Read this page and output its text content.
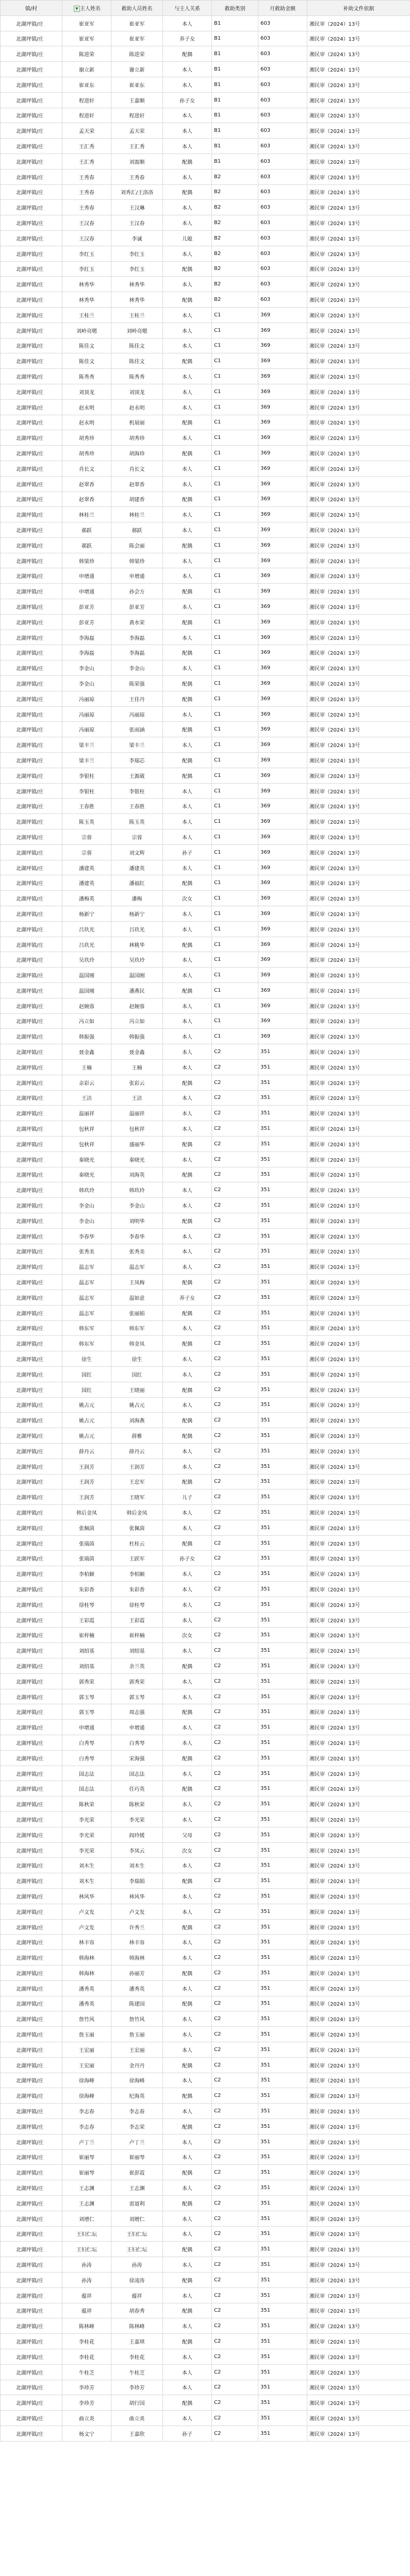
镇/村	▼ 主人姓名	救助人员姓名	与主人关系	救助类别	月救助金额	补助文件依据
北湖坪镇/庄	崔亚军	崔亚军	本人	B1	603	湘民审（2024）13号
北湖坪镇/庄	崔亚军	崔亚军	养子女	B1	603	湘民审（2024）13号
北湖坪镇/庄	陈进荣	陈进荣	配偶	B1	603	湘民审（2024）13号
北湖坪镇/庄	谢立新	谢立新	本人	B1	603	湘民审（2024）13号
北湖坪镇/庄	崔亚东	崔亚东	本人	B1	603	湘民审（2024）13号
北湖坪镇/庄	程进轩	王嘉顺	孙子女	B1	603	湘民审（2024）13号
北湖坪镇/庄	程进轩	程进轩	本人	B1	603	湘民审（2024）13号
北湖坪镇/庄	孟天荣	孟天荣	本人	B1	603	湘民审（2024）13号
北湖坪镇/庄	王汇秀	王汇秀	本人	B1	603	湘民审（2024）13号
北湖坪镇/庄	王汇秀	刘盈顺	配偶	B1	603	湘民审（2024）13号
北湖坪镇/庄	王秀春	王秀春	本人	B2	603	湘民审（2024）13号
北湖坪镇/庄	王秀春	刘秀汇/王洛洛	配偶	B2	603	湘民审（2024）13号
北湖坪镇/庄	王秀春	王汉琳	本人	B2	603	湘民审（2024）13号
北湖坪镇/庄	王汉春	王汉春	本人	B2	603	湘民审（2024）13号
北湖坪镇/庄	王汉春	李诚	儿媳	B2	603	湘民审（2024）13号
北湖坪镇/庄	李红玉	李红玉	本人	B2	603	湘民审（2024）13号
北湖坪镇/庄	李红玉	李红玉	配偶	B2	603	湘民审（2024）13号
北湖坪镇/庄	林秀华	林秀华	本人	B2	603	湘民审（2024）13号
北湖坪镇/庄	林秀华	林秀华	配偶	B2	603	湘民审（2024）13号
北湖坪镇/庄	王桂兰	王桂兰	本人	C1	369	湘民审（2024）13号
北湖坪镇/庄	刘岭亮嗯	刘岭亮嗯	本人	C1	369	湘民审（2024）13号
北湖坪镇/庄	陈佳文	陈佳文	本人	C1	369	湘民审（2024）13号
北湖坪镇/庄	陈佳文	陈佳文	配偶	C1	369	湘民审（2024）13号
北湖坪镇/庄	陈秀秀	陈秀秀	本人	C1	369	湘民审（2024）13号
北湖坪镇/庄	刘顶龙	刘顶龙	本人	C1	369	湘民审（2024）13号
北湖坪镇/庄	赵永明	赵永明	本人	C1	369	湘民审（2024）13号
北湖坪镇/庄	赵永明	机展丽	配偶	C1	369	湘民审（2024）13号
北湖坪镇/庄	胡秀珍	胡秀珍	本人	C1	369	湘民审（2024）13号
北湖坪镇/庄	胡秀珍	胡海珍	配偶	C1	369	湘民审（2024）13号
北湖坪镇/庄	肖长文	肖长文	本人	C1	369	湘民审（2024）13号
北湖坪镇/庄	赵翠香	赵翠香	本人	C1	369	湘民审（2024）13号
北湖坪镇/庄	赵翠香	胡建香	配偶	C1	369	湘民审（2024）13号
北湖坪镇/庄	林桂兰	林桂兰	本人	C1	369	湘民审（2024）13号
北湖坪镇/庄	郝跃	郝跃	本人	C1	369	湘民审（2024）13号
北湖坪镇/庄	郝跃	陈会丽	配偶	C1	369	湘民审（2024）13号
北湖坪镇/庄	韩梁珍	韩梁珍	本人	C1	369	湘民审（2024）13号
北湖坪镇/庄	申增通	申增通	本人	C1	369	湘民审（2024）13号
北湖坪镇/庄	申增通	孙会方	配偶	C1	369	湘民审（2024）13号
北湖坪镇/庄	彭亚芳	彭亚芳	本人	C1	369	湘民审（2024）13号
北湖坪镇/庄	彭亚芳	黄水荣	配偶	C1	369	湘民审（2024）13号
北湖坪镇/庄	李海磊	李海磊	本人	C1	369	湘民审（2024）13号
北湖坪镇/庄	李海磊	李海磊	配偶	C1	369	湘民审（2024）13号
北湖坪镇/庄	李金山	李金山	本人	C1	369	湘民审（2024）13号
北湖坪镇/庄	李金山	陈荣强	配偶	C1	369	湘民审（2024）13号
北湖坪镇/庄	冯丽琼	王佳丹	配偶	C1	369	湘民审（2024）13号
北湖坪镇/庄	冯丽琼	冯丽琼	本人	C1	369	湘民审（2024）13号
北湖坪镇/庄	冯丽琼	张雨涵	配偶	C1	369	湘民审（2024）13号
北湖坪镇/庄	梁丰兰	梁丰兰	本人	C1	369	湘民审（2024）13号
北湖坪镇/庄	梁丰兰	李瑞芯	配偶	C1	369	湘民审（2024）13号
北湖坪镇/庄	李银柱	王源葳	配偶	C1	369	湘民审（2024）13号
北湖坪镇/庄	李银柱	李银柱	本人	C1	369	湘民审（2024）13号
北湖坪镇/庄	王春胜	王春胜	本人	C1	369	湘民审（2024）13号
北湖坪镇/庄	陈玉英	陈玉英	本人	C1	369	湘民审（2024）13号
北湖坪镇/庄	宗蓉	宗蓉	本人	C1	369	湘民审（2024）13号
北湖坪镇/庄	宗蓉	刘文辉	孙子	C1	369	湘民审（2024）13号
北湖坪镇/庄	潘建英	潘建英	本人	C1	369	湘民审（2024）13号
北湖坪镇/庄	潘建英	潘福红	配偶	C1	369	湘民审（2024）13号
北湖坪镇/庄	潘梅英	潘梅	次女	C1	369	湘民审（2024）13号
北湖坪镇/庄	杨新宁	杨新宁	本人	C1	369	湘民审（2024）13号
北湖坪镇/庄	吕玖光	吕玖光	本人	C1	369	湘民审（2024）13号
北湖坪镇/庄	吕玖光	林桃华	配偶	C1	369	湘民审（2024）13号
北湖坪镇/庄	吴玖玲	吴玖玲	本人	C1	369	湘民审（2024）13号
北湖坪镇/庄	温国刚	温国刚	本人	C1	369	湘民审（2024）13号
北湖坪镇/庄	温国刚	潘燕民	配偶	C1	369	湘民审（2024）13号
北湖坪镇/庄	赵婉蓉	赵婉蓉	本人	C1	369	湘民审（2024）13号
北湖坪镇/庄	冯立如	冯立如	本人	C1	369	湘民审（2024）13号
北湖坪镇/庄	韩振强	韩振强	本人	C1	369	湘民审（2024）13号
北湖坪镇/庄	聂金鑫	聂金鑫	本人	C2	351	湘民审（2024）13号
北湖坪镇/庄	王楠	王楠	本人	C2	351	湘民审（2024）13号
北湖坪镇/庄	亲彩云	张彩云	配偶	C2	351	湘民审（2024）13号
北湖坪镇/庄	王洁	王洁	本人	C2	351	湘民审（2024）13号
北湖坪镇/庄	温丽祥	温丽祥	本人	C2	351	湘民审（2024）13号
北湖坪镇/庄	包秋祥	包秋祥	本人	C2	351	湘民审（2024）13号
北湖坪镇/庄	包秋祥	盛丽华	配偶	C2	351	湘民审（2024）13号
北湖坪镇/庄	秦晓光	秦晓光	本人	C2	351	湘民审（2024）13号
北湖坪镇/庄	秦晓光	刘海英	配偶	C2	351	湘民审（2024）13号
北湖坪镇/庄	韩玖玲	韩玖玲	本人	C2	351	湘民审（2024）13号
北湖坪镇/庄	李金山	李金山	本人	C2	351	湘民审（2024）13号
北湖坪镇/庄	李金山	刘明华	配偶	C2	351	湘民审（2024）13号
北湖坪镇/庄	李春华	李春华	本人	C2	351	湘民审（2024）13号
北湖坪镇/庄	张秀美	张秀美	本人	C2	351	湘民审（2024）13号
北湖坪镇/庄	温志军	温志军	本人	C2	351	湘民审（2024）13号
北湖坪镇/庄	温志军	王凤梅	配偶	C2	351	湘民审（2024）13号
北湖坪镇/庄	温志军	温如意	养子女	C2	351	湘民审（2024）13号
北湖坪镇/庄	温志军	张丽娟	配偶	C2	351	湘民审（2024）13号
北湖坪镇/庄	韩东军	韩东军	本人	C2	351	湘民审（2024）13号
北湖坪镇/庄	韩东军	韩金凤	配偶	C2	351	湘民审（2024）13号
北湖坪镇/庄	徐生	徐生	本人	C2	351	湘民审（2024）13号
北湖坪镇/庄	国红	国红	本人	C2	351	湘民审（2024）13号
北湖坪镇/庄	国红	王晓丽	配偶	C2	351	湘民审（2024）13号
北湖坪镇/庄	姚占元	姚占元	本人	C2	351	湘民审（2024）13号
北湖坪镇/庄	姚占元	刘海燕	配偶	C2	351	湘民审（2024）13号
北湖坪镇/庄	姚占元	薛雅	配偶	C2	351	湘民审（2024）13号
北湖坪镇/庄	薛丹云	薛丹云	本人	C2	351	湘民审（2024）13号
北湖坪镇/庄	王润芳	王润芳	本人	C2	351	湘民审（2024）13号
北湖坪镇/庄	王润芳	王忠军	配偶	C2	351	湘民审（2024）13号
北湖坪镇/庄	王润芳	王晓军	儿子	C2	351	湘民审（2024）13号
北湖坪镇/庄	韩后金凤	韩后金凤	本人	C2	351	湘民审（2024）13号
北湖坪镇/庄	张佩茵	张佩茵	本人	C2	351	湘民审（2024）13号
北湖坪镇/庄	张瑞茵	杜桂云	配偶	C2	351	湘民审（2024）13号
北湖坪镇/庄	张瑞茵	王跃军	孙子女	C2	351	湘民审（2024）13号
北湖坪镇/庄	李柏颖	李柏颖	本人	C2	351	湘民审（2024）13号
北湖坪镇/庄	朱彩香	朱彩香	本人	C2	351	湘民审（2024）13号
北湖坪镇/庄	徐桂琴	徐桂琴	本人	C2	351	湘民审（2024）13号
北湖坪镇/庄	王彩霞	王彩霞	本人	C2	351	湘民审（2024）13号
北湖坪镇/庄	崔梓楠	崔梓楠	次女	C2	351	湘民审（2024）13号
北湖坪镇/庄	刘绍基	刘绍基	本人	C2	351	湘民审（2024）13号
北湖坪镇/庄	刘绍基	余兰英	配偶	C2	351	湘民审（2024）13号
北湖坪镇/庄	郭秀荣	郭秀荣	本人	C2	351	湘民审（2024）13号
北湖坪镇/庄	郭玉琴	郭玉琴	本人	C2	351	湘民审（2024）13号
北湖坪镇/庄	郭玉琴	周志强	配偶	C2	351	湘民审（2024）13号
北湖坪镇/庄	申增通	申增通	本人	C2	351	湘民审（2024）13号
北湖坪镇/庄	白秀琴	白秀琴	本人	C2	351	湘民审（2024）13号
北湖坪镇/庄	白秀琴	宋海强	配偶	C2	351	湘民审（2024）13号
北湖坪镇/庄	国志法	国志法	本人	C2	351	湘民审（2024）13号
北湖坪镇/庄	国志法	任巧英	配偶	C2	351	湘民审（2024）13号
北湖坪镇/庄	陈秋荣	陈秋荣	本人	C2	351	湘民审（2024）13号
北湖坪镇/庄	李光荣	李光荣	本人	C2	351	湘民审（2024）13号
北湖坪镇/庄	李光荣	阎玲媛	父母	C2	351	湘民审（2024）13号
北湖坪镇/庄	李光荣	李凤云	次女	C2	351	湘民审（2024）13号
北湖坪镇/庄	刘木生	刘木生	本人	C2	351	湘民审（2024）13号
北湖坪镇/庄	刘木生	李瑞娟	配偶	C2	351	湘民审（2024）13号
北湖坪镇/庄	林风华	林风华	本人	C2	351	湘民审（2024）13号
北湖坪镇/庄	卢文发	卢文发	本人	C2	351	湘民审（2024）13号
北湖坪镇/庄	卢文发	许秀兰	配偶	C2	351	湘民审（2024）13号
北湖坪镇/庄	林丰容	林丰容	本人	C2	351	湘民审（2024）13号
北湖坪镇/庄	韩海林	韩海林	本人	C2	351	湘民审（2024）13号
北湖坪镇/庄	韩海林	孙丽芳	配偶	C2	351	湘民审（2024）13号
北湖坪镇/庄	潘秀英	潘秀英	本人	C2	351	湘民审（2024）13号
北湖坪镇/庄	潘秀英	陈建国	配偶	C2	351	湘民审（2024）13号
北湖坪镇/庄	詹竹风	詹竹风	本人	C2	351	湘民审（2024）13号
北湖坪镇/庄	詹玉丽	詹玉丽	本人	C2	351	湘民审（2024）13号
北湖坪镇/庄	王宏丽	王宏丽	本人	C2	351	湘民审（2024）13号
北湖坪镇/庄	王宏丽	金丹丹	配偶	C2	351	湘民审（2024）13号
北湖坪镇/庄	徐海峰	徐海峰	本人	C2	351	湘民审（2024）13号
北湖坪镇/庄	徐海峰	纪海英	配偶	C2	351	湘民审（2024）13号
北湖坪镇/庄	李志春	李志春	本人	C2	351	湘民审（2024）13号
北湖坪镇/庄	李志春	李志荣	配偶	C2	351	湘民审（2024）13号
北湖坪镇/庄	卢丁兰	卢丁兰	本人	C2	351	湘民审（2024）13号
北湖坪镇/庄	崔丽琴	崔丽琴	本人	C2	351	湘民审（2024）13号
北湖坪镇/庄	崔丽琴	崔彭霞	配偶	C2	351	湘民审（2024）13号
北湖坪镇/庄	王志渊	王志渊	本人	C2	351	湘民审（2024）13号
北湖坪镇/庄	王志渊	雷道利	配偶	C2	351	湘民审（2024）13号
北湖坪镇/庄	刘增仁	刘增仁	本人	C2	351	湘民审（2024）13号
北湖坪镇/庄	王妇仁坛	王妇仁坛	本人	C2	351	湘民审（2024）13号
北湖坪镇/庄	王妇仁坛	王妇仁坛	配偶	C2	351	湘民审（2024）13号
北湖坪镇/庄	孙涛	孙涛	本人	C2	351	湘民审（2024）13号
北湖坪镇/庄	孙涛	徐凌涛	配偶	C2	351	湘民审（2024）13号
北湖坪镇/庄	蕴祥	蕴祥	本人	C2	351	湘民审（2024）13号
北湖坪镇/庄	蕴祥	胡春秀	配偶	C2	351	湘民审（2024）13号
北湖坪镇/庄	陈林峰	陈林峰	本人	C2	351	湘民审（2024）13号
北湖坪镇/庄	李桂花	王嘉琪	配偶	C2	351	湘民审（2024）13号
北湖坪镇/庄	李桂花	李桂花	本人	C2	351	湘民审（2024）13号
北湖坪镇/庄	牛桂芝	牛桂芝	本人	C2	351	湘民审（2024）13号
北湖坪镇/庄	李珍芳	李珍芳	本人	C2	351	湘民审（2024）13号
北湖坪镇/庄	李珍芳	胡行国	配偶	C2	351	湘民审（2024）13号
北湖坪镇/庄	曲立炎	曲立炎	本人	C2	351	湘民审（2024）13号
北湖坪镇/庄	杨文宁	王嘉欣	孙子	C2	351	湘民审（2024）13号
